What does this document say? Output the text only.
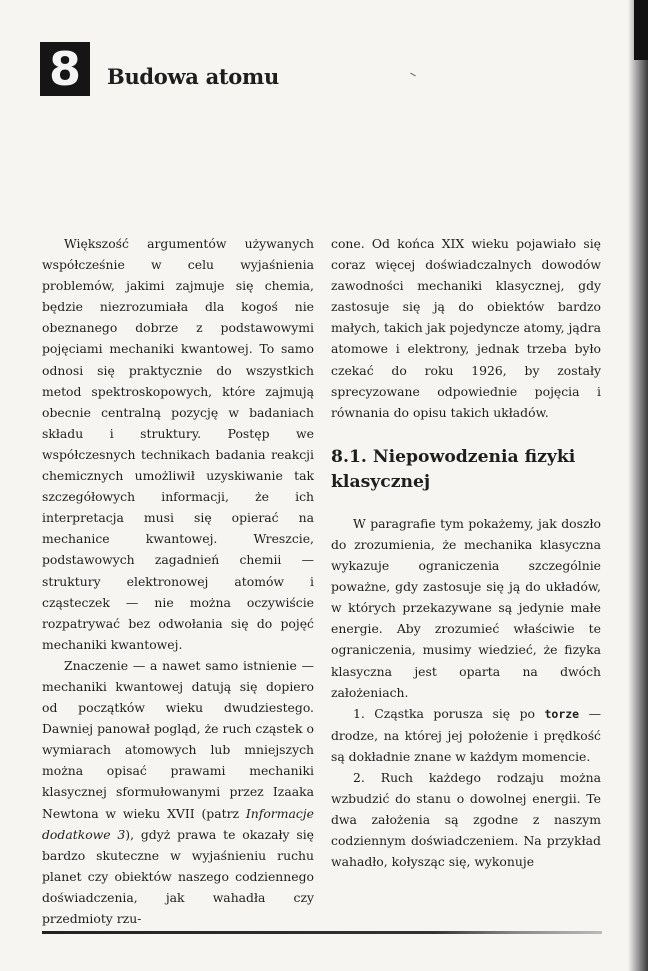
8 Budowa atomu

Większość argumentów używanych współcześnie w celu wyjaśnienia problemów, jakimi zajmuje się chemia, będzie niezrozumiała dla kogoś nie obeznanego dobrze z podstawowymi pojęciami mechaniki kwantowej. To samo odnosi się praktycznie do wszystkich metod spektroskopowych, które zajmują obecnie centralną pozycję w badaniach składu i struktury. Postęp we współczesnych technikach badania reakcji chemicznych umożliwił uzyskiwanie tak szczegółowych informacji, że ich interpretacja musi się opierać na mechanice kwantowej. Wreszcie, podstawowych zagadnień chemii — struktury elektronowej atomów i cząsteczek — nie można oczywiście rozpatrywać bez odwołania się do pojęć mechaniki kwantowej.

Znaczenie — a nawet samo istnienie — mechaniki kwantowej datują się dopiero od początków wieku dwudziestego. Dawniej panował pogląd, że ruch cząstek o wymiarach atomowych lub mniejszych można opisać prawami mechaniki klasycznej sformułowanymi przez Izaaka Newtona w wieku XVII (patrz Informacje dodatkowe 3), gdyż prawa te okazały się bardzo skuteczne w wyjaśnieniu ruchu planet czy obiektów naszego codziennego doświadczenia, jak wahadła czy przedmioty rzu-

cone. Od końca XIX wieku pojawiało się coraz więcej doświadczalnych dowodów zawodności mechaniki klasycznej, gdy zastosuje się ją do obiektów bardzo małych, takich jak pojedyncze atomy, jądra atomowe i elektrony, jednak trzeba było czekać do roku 1926, by zostały sprecyzowane odpowiednie pojęcia i równania do opisu takich układów.

8.1. Niepowodzenia fizyki klasycznej

W paragrafie tym pokażemy, jak doszło do zrozumienia, że mechanika klasyczna wykazuje ograniczenia szczególnie poważne, gdy zastosuje się ją do układów, w których przekazywane są jedynie małe energie. Aby zrozumieć właściwie te ograniczenia, musimy wiedzieć, że fizyka klasyczna jest oparta na dwóch założeniach.

1. Cząstka porusza się po torze — drodze, na której jej położenie i prędkość są dokładnie znane w każdym momencie.

2. Ruch każdego rodzaju można wzbudzić do stanu o dowolnej energii. Te dwa założenia są zgodne z naszym codziennym doświadczeniem. Na przykład wahadło, kołysząc się, wykonuje
